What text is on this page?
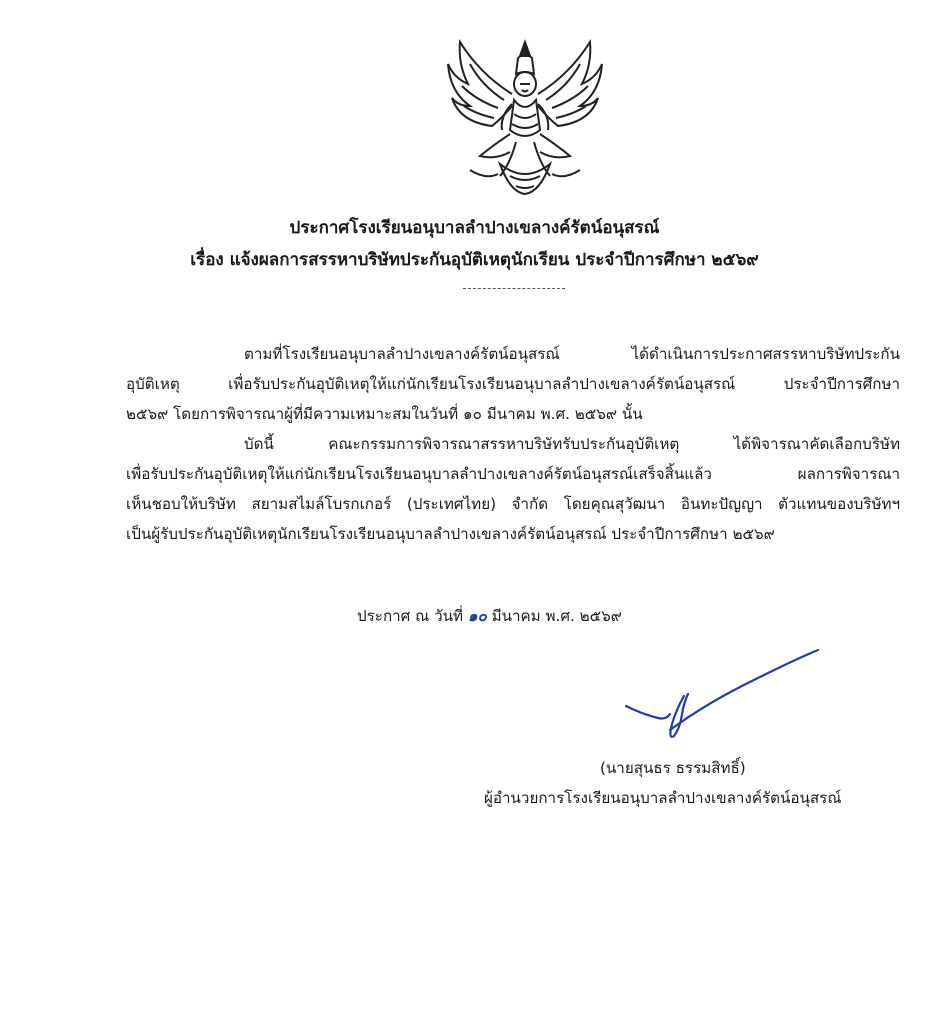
ประกาศโรงเรียนอนุบาลลำปางเขลางค์รัตน์อนุสรณ์
เรื่อง แจ้งผลการสรรหาบริษัทประกันอุบัติเหตุนักเรียน ประจำปีการศึกษา ๒๕๖๙
ตามที่โรงเรียนอนุบาลลำปางเขลางค์รัตน์อนุสรณ์ ได้ดำเนินการประกาศสรรหาบริษัทประกัน
อุบัติเหตุ เพื่อรับประกันอุบัติเหตุให้แก่นักเรียนโรงเรียนอนุบาลลำปางเขลางค์รัตน์อนุสรณ์ ประจำปีการศึกษา
๒๕๖๙ โดยการพิจารณาผู้ที่มีความเหมาะสมในวันที่ ๑๐ มีนาคม พ.ศ. ๒๕๖๙ นั้น
บัดนี้ คณะกรรมการพิจารณาสรรหาบริษัทรับประกันอุบัติเหตุ ได้พิจารณาคัดเลือกบริษัท
เพื่อรับประกันอุบัติเหตุให้แก่นักเรียนโรงเรียนอนุบาลลำปางเขลางค์รัตน์อนุสรณ์เสร็จสิ้นแล้ว ผลการพิจารณา
เห็นชอบให้บริษัท สยามสไมล์โบรกเกอร์ (ประเทศไทย) จำกัด โดยคุณสุวัฒนา อินทะปัญญา ตัวแทนของบริษัทฯ
เป็นผู้รับประกันอุบัติเหตุนักเรียนโรงเรียนอนุบาลลำปางเขลางค์รัตน์อนุสรณ์ ประจำปีการศึกษา ๒๕๖๙
ประกาศ ณ วันที่ ๑๐ มีนาคม พ.ศ. ๒๕๖๙
(นายสุนธร ธรรมสิทธิ์)
ผู้อำนวยการโรงเรียนอนุบาลลำปางเขลางค์รัตน์อนุสรณ์
